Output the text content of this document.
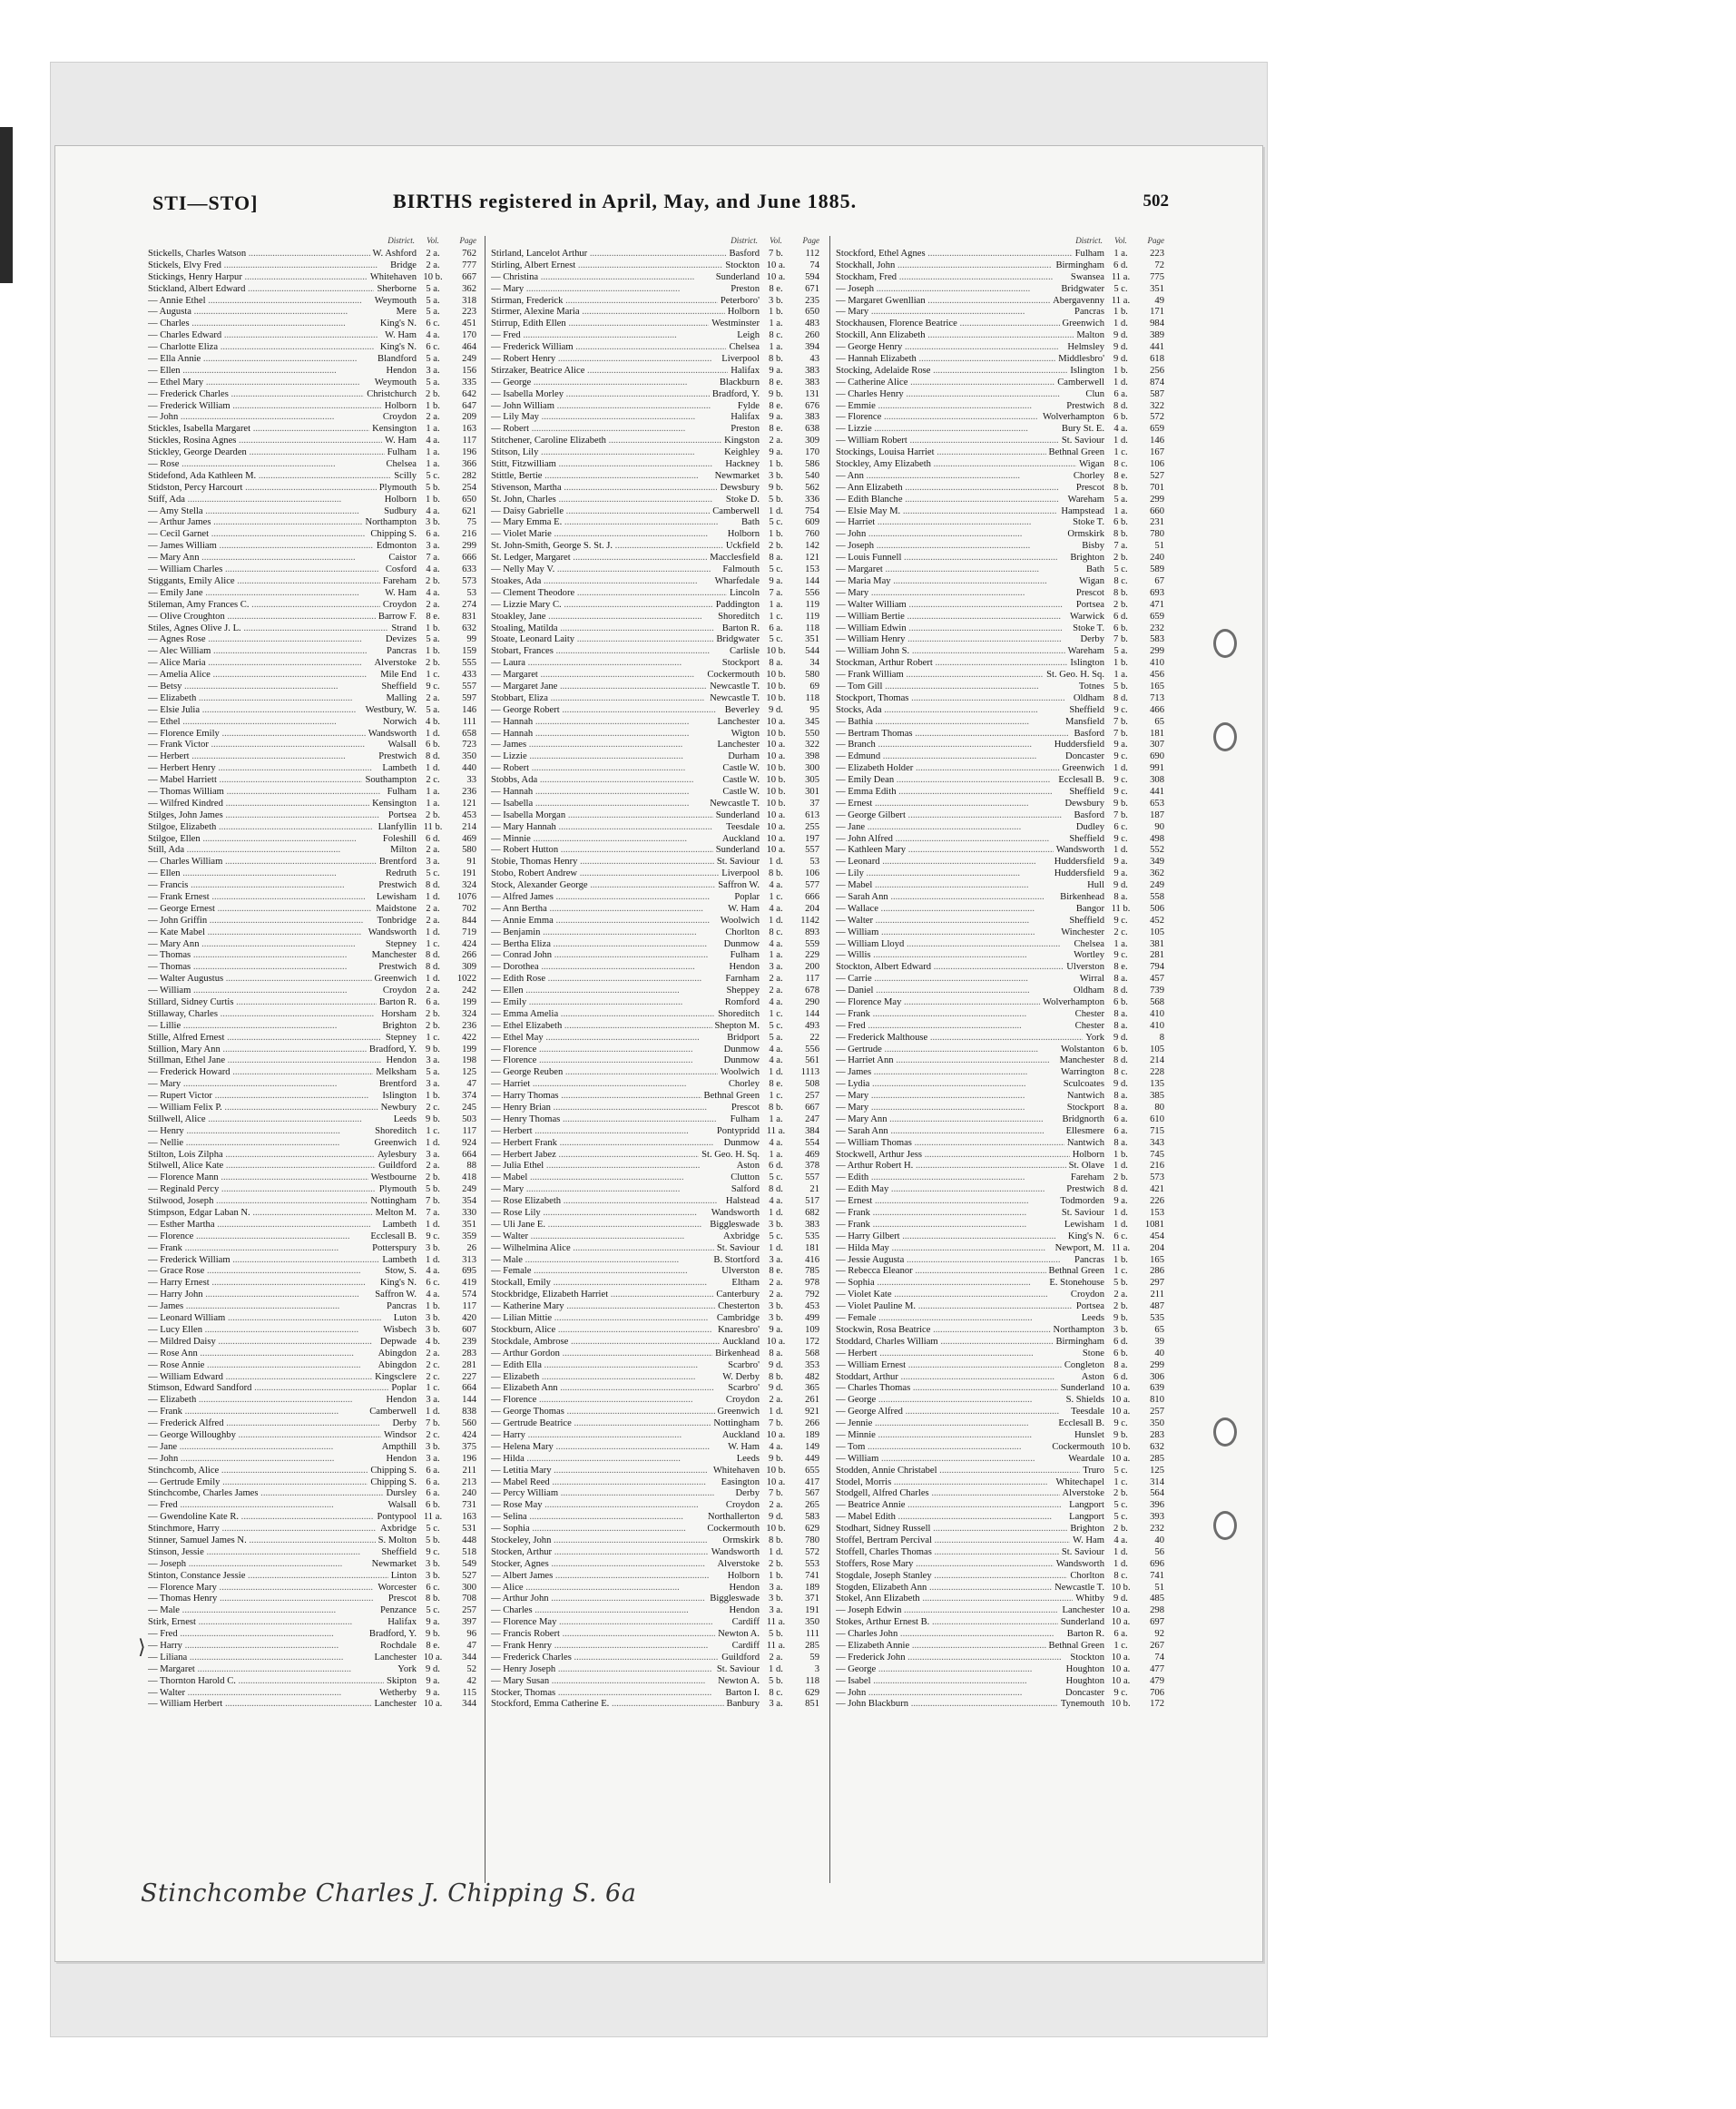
STI—STO]	BIRTHS registered in April, May, and June 1885.	502
District.	Vol.	Page
Stickells, Charles Watson .....	W. Ashford 2 a.	762
Stickels, Elvy Fred .....	Bridge 2 a.	777
Stickings, Henry Harpur .....	Whitehaven 10 b.	667
Stickland, Albert Edward .....	Sherborne 5 a.	362
— Annie Ethel .....	Weymouth 5 a.	318
— Augusta .....	Mere 5 a.	223
— Charles .....	King's N. 6 c.	451
— Charles Edward .....	W. Ham 4 a.	170
— Charlotte Eliza .....	King's N. 6 c.	464
— Ella Annie .....	Blandford 5 a.	249
— Ellen .....	Hendon 3 a.	156
— Ethel Mary .....	Weymouth 5 a.	335
— Frederick Charles .....	Christchurch 2 b.	642
— Frederick William .....	Holborn 1 b.	647
— John .....	Croydon 2 a.	209
Stickles, Isabella Margaret .....	Kensington 1 a.	163
Stickles, Rosina Agnes .....	W. Ham 4 a.	117
Stickley, George Dearden .....	Fulham 1 a.	196
— Rose .....	Chelsea 1 a.	366
Stidefond, Ada Kathleen M. .....	Scilly 5 c.	282
Stidston, Percy Harcourt .....	Plymouth 5 b.	254
Stiff, Ada .....	Holborn 1 b.	650
— Amy Stella .....	Sudbury 4 a.	621
— Arthur James .....	Northampton 3 b.	75
— Cecil Garnet .....	Chipping S. 6 a.	216
— James William .....	Edmonton 3 a.	299
— Mary Ann .....	Caistor 7 a.	666
— William Charles .....	Cosford 4 a.	633
Stiggants, Emily Alice .....	Fareham 2 b.	573
— Emily Jane .....	W. Ham 4 a.	53
Stileman, Amy Frances C. .....	Croydon 2 a.	274
— Olive Croughton .....	Barrow F. 8 e.	831
Stiles, Agnes Olive J. L. .....	Strand 1 b.	632
— Agnes Rose .....	Devizes 5 a.	99
— Alec William .....	Pancras 1 b.	159
— Alice Maria .....	Alverstoke 2 b.	555
— Amelia Alice .....	Mile End 1 c.	433
— Betsy .....	Sheffield 9 c.	557
— Elizabeth .....	Malling 2 a.	597
— Elsie Julia .....	Westbury, W. 5 a.	146
— Ethel .....	Norwich 4 b.	111
— Florence Emily .....	Wandsworth 1 d.	658
— Frank Victor .....	Walsall 6 b.	723
— Herbert .....	Prestwich 8 d.	350
— Herbert Henry .....	Lambeth 1 d.	440
— Mabel Harriett .....	Southampton 2 c.	33
— Thomas William .....	Fulham 1 a.	236
— Wilfred Kindred .....	Kensington 1 a.	121
Stilges, John James .....	Portsea 2 b.	453
Stilgoe, Elizabeth .....	Llanfyllin 11 b.	214
Stilgoe, Ellen .....	Foleshill 6 d.	469
Still, Ada .....	Milton 2 a.	580
— Charles William .....	Brentford 3 a.	91
— Ellen .....	Redruth 5 c.	191
— Francis .....	Prestwich 8 d.	324
— Frank Ernest .....	Lewisham 1 d.	1076
— George Ernest .....	Maidstone 2 a.	702
— John Griffin .....	Tonbridge 2 a.	844
— Kate Mabel .....	Wandsworth 1 d.	719
— Mary Ann .....	Stepney 1 c.	424
— Thomas .....	Manchester 8 d.	266
— Thomas .....	Prestwich 8 d.	309
— Walter Augustus .....	Greenwich 1 d.	1022
— William .....	Croydon 2 a.	242
Stillard, Sidney Curtis .....	Barton R. 6 a.	199
Stillaway, Charles .....	Horsham 2 b.	324
— Lillie .....	Brighton 2 b.	236
Stille, Alfred Ernest .....	Stepney 1 c.	422
Stillion, Mary Ann .....	Bradford, Y. 9 b.	199
Stillman, Ethel Jane .....	Hendon 3 a.	198
— Frederick Howard .....	Melksham 5 a.	125
— Mary .....	Brentford 3 a.	47
— Rupert Victor .....	Islington 1 b.	374
— William Felix P. .....	Newbury 2 c.	245
Stillwell, Alice .....	Leeds 9 b.	503
— Henry .....	Shoreditch 1 c.	117
— Nellie .....	Greenwich 1 d.	924
Stilton, Lois Zilpha .....	Aylesbury 3 a.	664
Stilwell, Alice Kate .....	Guildford 2 a.	88
— Florence Mann .....	Westbourne 2 b.	418
— Reginald Percy .....	Plymouth 5 b.	249
Stilwood, Joseph .....	Nottingham 7 b.	354
Stimpson, Edgar Laban N. .....	Melton M. 7 a.	330
— Esther Martha .....	Lambeth 1 d.	351
— Florence .....	Ecclesall B. 9 c.	359
— Frank .....	Potterspury 3 b.	26
— Frederick William .....	Lambeth 1 d.	313
— Grace Rose .....	Stow, S. 4 a.	695
— Harry Ernest .....	King's N. 6 c.	419
— Harry John .....	Saffron W. 4 a.	574
— James .....	Pancras 1 b.	117
— Leonard William .....	Luton 3 b.	420
— Lucy Ellen .....	Wisbech 3 b.	607
— Mildred Daisy .....	Depwade 4 b.	239
— Rose Ann .....	Abingdon 2 a.	283
— Rose Annie .....	Abingdon 2 c.	281
— William Edward .....	Kingsclere 2 c.	227
Stimson, Edward Sandford .....	Poplar 1 c.	664
— Elizabeth .....	Hendon 3 a.	144
— Frank .....	Camberwell 1 d.	838
— Frederick Alfred .....	Derby 7 b.	560
— George Willoughby .....	Windsor 2 c.	424
— Jane .....	Ampthill 3 b.	375
— John .....	Hendon 3 a.	196
Stinchcomb, Alice .....	Chipping S. 6 a.	211
— Gertrude Emily .....	Chipping S. 6 a.	213
Stinchcombe, Charles James .....	Dursley 6 a.	240
— Fred .....	Walsall 6 b.	731
— Gwendoline Kate R. .....	Pontypool 11 a.	163
Stinchmore, Harry .....	Axbridge 5 c.	531
Stinner, Samuel James N. .....	S. Molton 5 b.	448
Stinson, Jessie .....	Sheffield 9 c.	518
— Joseph .....	Newmarket 3 b.	549
Stinton, Constance Jessie .....	Linton 3 b.	527
— Florence Mary .....	Worcester 6 c.	300
— Thomas Henry .....	Prescot 8 b.	708
— Male .....	Penzance 5 c.	257
Stirk, Ernest .....	Halifax 9 a.	397
— Fred .....	Bradford, Y. 9 b.	96
— Harry .....	Rochdale 8 e.	47
— Liliana .....	Lanchester 10 a.	344
— Margaret .....	York 9 d.	52
— Thornton Harold C. .....	Skipton 9 a.	42
— Walter .....	Wetherby 9 a.	115
— William Herbert .....	Lanchester 10 a.	344
District.	Vol.	Page
Stirland, Lancelot Arthur .....	Basford 7 b.	112
Stirling, Albert Ernest .....	Stockton 10 a.	74
— Christina .....	Sunderland 10 a.	594
— Mary .....	Preston 8 e.	671
Stirman, Frederick .....	Peterboro' 3 b.	235
Stirmer, Alexine Maria .....	Holborn 1 b.	650
Stirrup, Edith Ellen .....	Westminster 1 a.	483
— Fred .....	Leigh 8 c.	260
— Frederick William .....	Chelsea 1 a.	394
— Robert Henry .....	Liverpool 8 b.	43
Stirzaker, Beatrice Alice .....	Halifax 9 a.	383
— George .....	Blackburn 8 e.	383
— Isabella Morley .....	Bradford, Y. 9 b.	131
— John William .....	Fylde 8 e.	676
— Lily May .....	Halifax 9 a.	383
— Robert .....	Preston 8 e.	638
Stitchener, Caroline Elizabeth .....	Kingston 2 a.	309
Stitson, Lily .....	Keighley 9 a.	170
Stitt, Fitzwilliam .....	Hackney 1 b.	586
Stittle, Bertie .....	Newmarket 3 b.	540
Stivenson, Martha .....	Dewsbury 9 b.	562
St. John, Charles .....	Stoke D. 5 b.	336
— Daisy Gabrielle .....	Camberwell 1 d.	754
— Mary Emma E. .....	Bath 5 c.	609
— Violet Marie .....	Holborn 1 b.	760
St. John-Smith, George S. St. J. .....	Uckfield 2 b.	142
St. Ledger, Margaret .....	Macclesfield 8 a.	121
— Nelly May V. .....	Falmouth 5 c.	153
Stoakes, Ada .....	Wharfedale 9 a.	144
— Clement Theodore .....	Lincoln 7 a.	556
— Lizzie Mary C. .....	Paddington 1 a.	119
Stoakley, Jane .....	Shoreditch 1 c.	119
Stoaling, Matilda .....	Barton R. 6 a.	118
Stoate, Leonard Laity .....	Bridgwater 5 c.	351
Stobart, Frances .....	Carlisle 10 b.	544
— Laura .....	Stockport 8 a.	34
— Margaret .....	Cockermouth 10 b.	580
— Margaret Jane .....	Newcastle T. 10 b.	69
Stobbart, Eliza .....	Newcastle T. 10 b.	118
— George Robert .....	Beverley 9 d.	95
— Hannah .....	Lanchester 10 a.	345
— Hannah .....	Wigton 10 b.	550
— James .....	Lanchester 10 a.	322
— Lizzie .....	Durham 10 a.	398
— Robert .....	Castle W. 10 b.	300
Stobbs, Ada .....	Castle W. 10 b.	305
— Hannah .....	Castle W. 10 b.	301
— Isabella .....	Newcastle T. 10 b.	37
— Isabella Morgan .....	Sunderland 10 a.	613
— Mary Hannah .....	Teesdale 10 a.	255
— Minnie .....	Auckland 10 a.	197
— Robert Hutton .....	Sunderland 10 a.	557
Stobie, Thomas Henry .....	St. Saviour 1 d.	53
Stobo, Robert Andrew .....	Liverpool 8 b.	106
Stock, Alexander George .....	Saffron W. 4 a.	577
— Alfred James .....	Poplar 1 c.	666
— Ann Bertha .....	W. Ham 4 a.	204
— Annie Emma .....	Woolwich 1 d.	1142
— Benjamin .....	Chorlton 8 c.	893
— Bertha Eliza .....	Dunmow 4 a.	559
— Conrad John .....	Fulham 1 a.	229
— Dorothea .....	Hendon 3 a.	200
— Edith Rose .....	Farnham 2 a.	117
— Ellen .....	Sheppey 2 a.	678
— Emily .....	Romford 4 a.	290
— Emma Amelia .....	Shoreditch 1 c.	144
— Ethel Elizabeth .....	Shepton M. 5 c.	493
— Ethel May .....	Bridport 5 a.	22
— Florence .....	Dunmow 4 a.	556
— Florence .....	Dunmow 4 a.	561
— George Reuben .....	Woolwich 1 d.	1113
— Harriet .....	Chorley 8 e.	508
— Harry Thomas .....	Bethnal Green 1 c.	257
— Henry Brian .....	Prescot 8 b.	667
— Henry Thomas .....	Fulham 1 a.	247
— Herbert .....	Pontypridd 11 a.	384
— Herbert Frank .....	Dunmow 4 a.	554
— Herbert Jabez .....	St. Geo. H. Sq. 1 a.	469
— Julia Ethel .....	Aston 6 d.	378
— Mabel .....	Clutton 5 c.	557
— Mary .....	Salford 8 d.	21
— Rose Elizabeth .....	Halstead 4 a.	517
— Rose Lily .....	Wandsworth 1 d.	682
— Uli Jane E. .....	Biggleswade 3 b.	383
— Walter .....	Axbridge 5 c.	535
— Wilhelmina Alice .....	St. Saviour 1 d.	181
— Male .....	B. Stortford 3 a.	416
— Female .....	Ulverston 8 e.	785
Stockall, Emily .....	Eltham 2 a.	978
Stockbridge, Elizabeth Harriet .....	Canterbury 2 a.	792
— Katherine Mary .....	Chesterton 3 b.	453
— Lilian Mittie .....	Cambridge 3 b.	499
Stockburn, Alice .....	Knaresbro' 9 a.	109
Stockdale, Ambrose .....	Auckland 10 a.	172
— Arthur Gordon .....	Birkenhead 8 a.	568
— Edith Ella .....	Scarbro' 9 d.	353
— Elizabeth .....	W. Derby 8 b.	482
— Elizabeth Ann .....	Scarbro' 9 d.	365
— Florence .....	Croydon 2 a.	261
— George Thomas .....	Greenwich 1 d.	921
— Gertrude Beatrice .....	Nottingham 7 b.	266
— Harry .....	Auckland 10 a.	189
— Helena Mary .....	W. Ham 4 a.	149
— Hilda .....	Leeds 9 b.	449
— Letitia Mary .....	Whitehaven 10 b.	655
— Mabel Reed .....	Easington 10 a.	417
— Percy William .....	Derby 7 b.	567
— Rose May .....	Croydon 2 a.	265
— Selina .....	Northallerton 9 d.	583
— Sophia .....	Cockermouth 10 b.	629
Stockeley, John .....	Ormskirk 8 b.	780
Stocken, Arthur .....	Wandsworth 1 d.	572
Stocker, Agnes .....	Alverstoke 2 b.	553
— Albert James .....	Holborn 1 b.	741
— Alice .....	Hendon 3 a.	189
— Arthur John .....	Biggleswade 3 b.	371
— Charles .....	Hendon 3 a.	191
— Florence May .....	Cardiff 11 a.	350
— Francis Robert .....	Newton A. 5 b.	111
— Frank Henry .....	Cardiff 11 a.	285
— Frederick Charles .....	Guildford 2 a.	59
— Henry Joseph .....	St. Saviour 1 d.	3
— Mary Susan .....	Newton A. 5 b.	118
Stocker, Thomas .....	Barton I. 8 c.	629
Stockford, Emma Catherine E. .....	Banbury 3 a.	851
District.	Vol.	Page
Stockford, Ethel Agnes .....	Fulham 1 a.	223
Stockhall, John .....	Birmingham 6 d.	72
Stockham, Fred .....	Swansea 11 a.	775
— Joseph .....	Bridgwater 5 c.	351
— Margaret Gwenllian .....	Abergavenny 11 a.	49
— Mary .....	Pancras 1 b.	171
Stockhausen, Florence Beatrice .....	Greenwich 1 d.	984
Stockill, Ann Elizabeth .....	Malton 9 d.	389
— George Henry .....	Helmsley 9 d.	441
— Hannah Elizabeth .....	Middlesbro' 9 d.	618
Stocking, Adelaide Rose .....	Islington 1 b.	256
— Catherine Alice .....	Camberwell 1 d.	874
— Charles Henry .....	Clun 6 a.	587
— Emmie .....	Prestwich 8 d.	322
— Florence .....	Wolverhampton 6 b.	572
— Lizzie .....	Bury St. E. 4 a.	659
— William Robert .....	St. Saviour 1 d.	146
Stockings, Louisa Harriet .....	Bethnal Green 1 c.	167
Stockley, Amy Elizabeth .....	Wigan 8 c.	106
— Ann .....	Chorley 8 e.	527
— Ann Elizabeth .....	Prescot 8 b.	701
— Edith Blanche .....	Wareham 5 a.	299
— Elsie May M. .....	Hampstead 1 a.	660
— Harriet .....	Stoke T. 6 b.	231
— John .....	Ormskirk 8 b.	780
— Joseph .....	Bisby 7 a.	51
— Louis Funnell .....	Brighton 2 b.	240
— Margaret .....	Bath 5 c.	589
— Maria May .....	Wigan 8 c.	67
— Mary .....	Prescot 8 b.	693
— Walter William .....	Portsea 2 b.	471
— William Bertie .....	Warwick 6 d.	659
— William Edwin .....	Stoke T. 6 b.	232
— William Henry .....	Derby 7 b.	583
— William John S. .....	Wareham 5 a.	299
Stockman, Arthur Robert .....	Islington 1 b.	410
— Frank William .....	St. Geo. H. Sq. 1 a.	456
— Tom Gill .....	Totnes 5 b.	165
Stockport, Thomas .....	Oldham 8 d.	713
Stocks, Ada .....	Sheffield 9 c.	466
— Bathia .....	Mansfield 7 b.	65
— Bertram Thomas .....	Basford 7 b.	181
— Branch .....	Huddersfield 9 a.	307
— Edmund .....	Doncaster 9 c.	690
— Elizabeth Holder .....	Greenwich 1 d.	991
— Emily Dean .....	Ecclesall B. 9 c.	308
— Emma Edith .....	Sheffield 9 c.	441
— Ernest .....	Dewsbury 9 b.	653
— George Gilbert .....	Basford 7 b.	187
— Jane .....	Dudley 6 c.	90
— John Alfred .....	Sheffield 9 c.	498
— Kathleen Mary .....	Wandsworth 1 d.	552
— Leonard .....	Huddersfield 9 a.	349
— Lily .....	Huddersfield 9 a.	362
— Mabel .....	Hull 9 d.	249
— Sarah Ann .....	Birkenhead 8 a.	558
— Wallace .....	Bangor 11 b.	506
— Walter .....	Sheffield 9 c.	452
— William .....	Winchester 2 c.	105
— William Lloyd .....	Chelsea 1 a.	381
— Willis .....	Wortley 9 c.	281
Stockton, Albert Edward .....	Ulverston 8 e.	794
— Carrie .....	Wirral 8 a.	457
— Daniel .....	Oldham 8 d.	739
— Florence May .....	Wolverhampton 6 b.	568
— Frank .....	Chester 8 a.	410
— Fred .....	Chester 8 a.	410
— Frederick Malthouse .....	York 9 d.	8
— Gertrude .....	Wolstanton 6 b.	105
— Harriet Ann .....	Manchester 8 d.	214
— James .....	Warrington 8 c.	228
— Lydia .....	Sculcoates 9 d.	135
— Mary .....	Nantwich 8 a.	385
— Mary .....	Stockport 8 a.	80
— Mary Ann .....	Bridgnorth 6 a.	610
— Sarah Ann .....	Ellesmere 6 a.	715
— William Thomas .....	Nantwich 8 a.	343
Stockwell, Arthur Jess .....	Holborn 1 b.	745
— Arthur Robert H. .....	St. Olave 1 d.	216
— Edith .....	Fareham 2 b.	573
— Edith May .....	Prestwich 8 d.	421
— Ernest .....	Todmorden 9 a.	226
— Frank .....	St. Saviour 1 d.	153
— Frank .....	Lewisham 1 d.	1081
— Harry Gilbert .....	King's N. 6 c.	454
— Hilda May .....	Newport, M. 11 a.	204
— Jessie Augusta .....	Pancras 1 b.	165
— Rebecca Eleanor .....	Bethnal Green 1 c.	286
— Sophia .....	E. Stonehouse 5 b.	297
— Violet Kate .....	Croydon 2 a.	211
— Violet Pauline M. .....	Portsea 2 b.	487
— Female .....	Leeds 9 b.	535
Stockwin, Rosa Beatrice .....	Northampton 3 b.	65
Stoddard, Charles William .....	Birmingham 6 d.	39
— Herbert .....	Stone 6 b.	40
— William Ernest .....	Congleton 8 a.	299
Stoddart, Arthur .....	Aston 6 d.	306
— Charles Thomas .....	Sunderland 10 a.	639
— George .....	S. Shields 10 a.	810
— George Alfred .....	Teesdale 10 a.	257
— Jennie .....	Ecclesall B. 9 c.	350
— Minnie .....	Hunslet 9 b.	283
— Tom .....	Cockermouth 10 b.	632
— William .....	Weardale 10 a.	285
Stodden, Annie Christabel .....	Truro 5 c.	125
Stodel, Morris .....	Whitechapel 1 c.	314
Stodgell, Alfred Charles .....	Alverstoke 2 b.	564
— Beatrice Annie .....	Langport 5 c.	396
— Mabel Edith .....	Langport 5 c.	393
Stodhart, Sidney Russell .....	Brighton 2 b.	232
Stoffel, Bertram Percival .....	W. Ham 4 a.	40
Stoffell, Charles Thomas .....	St. Saviour 1 d.	56
Stoffers, Rose Mary .....	Wandsworth 1 d.	696
Stogdale, Joseph Stanley .....	Chorlton 8 c.	741
Stogden, Elizabeth Ann .....	Newcastle T. 10 b.	51
Stokel, Ann Elizabeth .....	Whitby 9 d.	485
— Joseph Edwin .....	Lanchester 10 a.	298
Stokes, Arthur Ernest B. .....	Sunderland 10 a.	697
— Charles John .....	Barton R. 6 a.	92
— Elizabeth Annie .....	Bethnal Green 1 c.	267
— Frederick John .....	Stockton 10 a.	74
— George .....	Houghton 10 a.	477
— Isabel .....	Houghton 10 a.	479
— John .....	Doncaster 9 c.	706
— John Blackburn .....	Tynemouth 10 b.	172
⟩
Stinchcombe Charles J. Chipping S. 6a
